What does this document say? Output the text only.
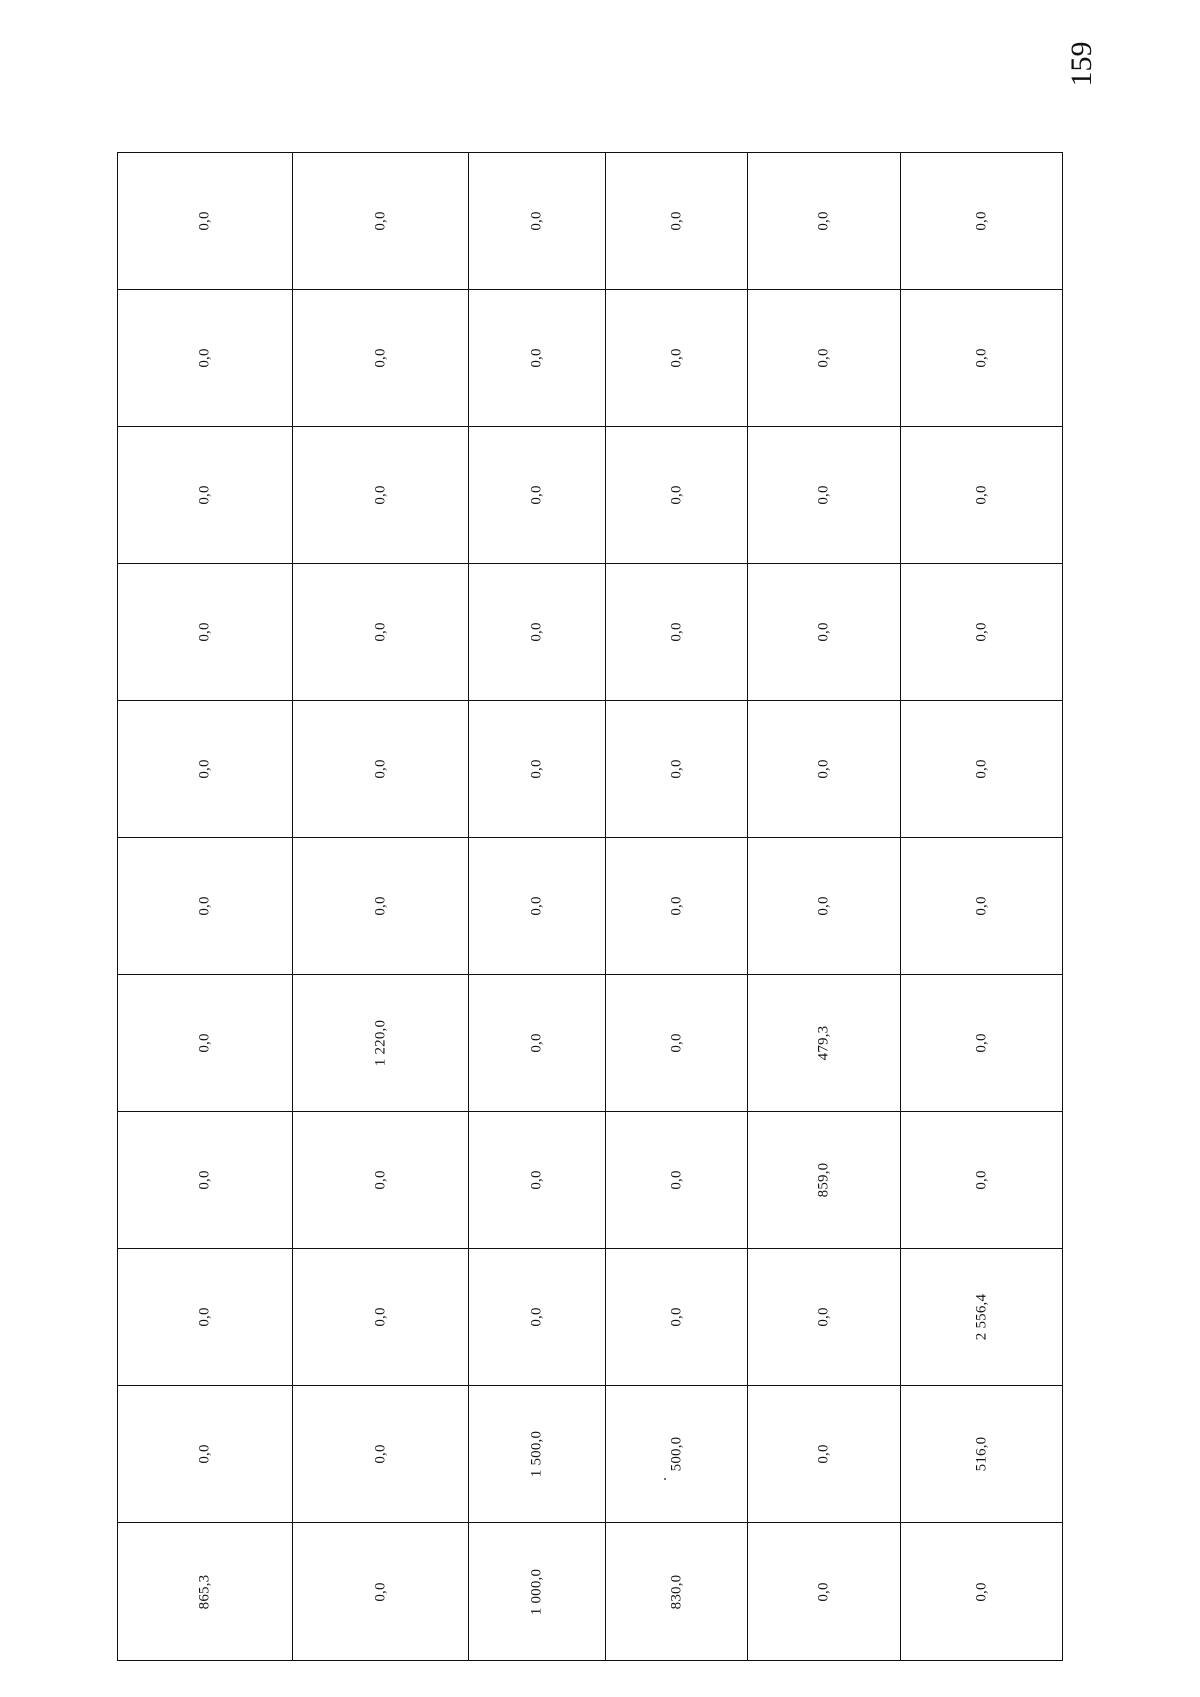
159
0,0	0,0	0,0	0,0	0,0	0,0

0,0	0,0	0,0	0,0	0,0	0,0

0,0	0,0	0,0	0,0	0,0	0,0

0,0	0,0	0,0	0,0	0,0	0,0

0,0	0,0	0,0	0,0	0,0	0,0

0,0	0,0	0,0	0,0	0,0	0,0

0,0	1 220,0	0,0	0,0	479,3	0,0

0,0	0,0	0,0	0,0	859,0	0,0

0,0	0,0	0,0	0,0	0,0	2 556,4

0,0	0,0	1 500,0	500,0	0,0	516,0

865,3	0,0	1 000,0	830,0	0,0	0,0
